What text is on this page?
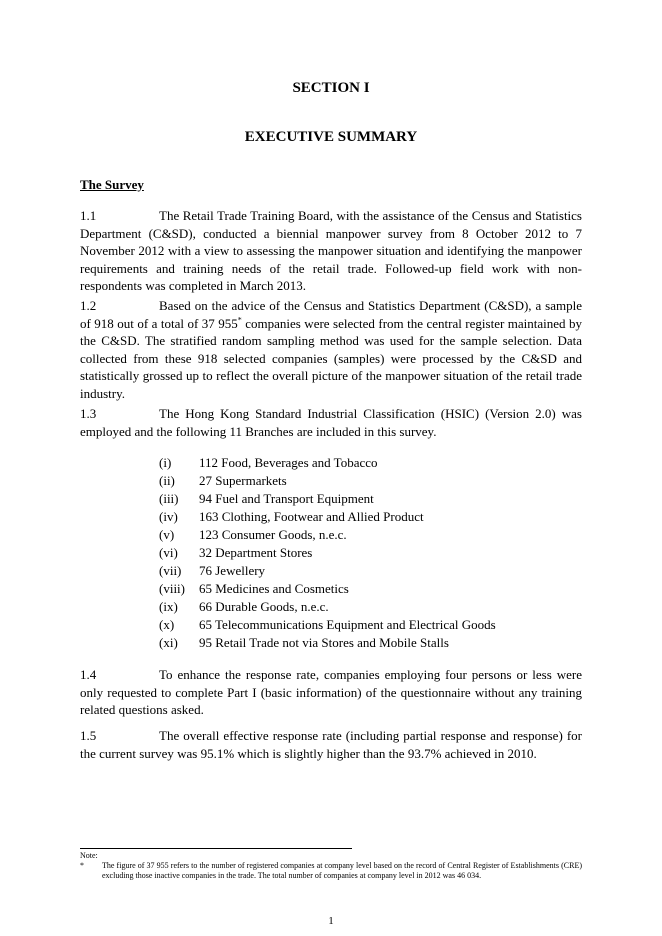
SECTION I
EXECUTIVE SUMMARY
The Survey

1.1	The Retail Trade Training Board, with the assistance of the Census and Statistics Department (C&SD), conducted a biennial manpower survey from 8 October 2012 to 7 November 2012 with a view to assessing the manpower situation and identifying the manpower requirements and training needs of the retail trade. Followed-up field work with non-respondents was completed in March 2013.

1.2	Based on the advice of the Census and Statistics Department (C&SD), a sample of 918 out of a total of 37 955* companies were selected from the central register maintained by the C&SD. The stratified random sampling method was used for the sample selection. Data collected from these 918 selected companies (samples) were processed by the C&SD and statistically grossed up to reflect the overall picture of the manpower situation of the retail trade industry.

1.3	The Hong Kong Standard Industrial Classification (HSIC) (Version 2.0) was employed and the following 11 Branches are included in this survey.

(i) 112 Food, Beverages and Tobacco
(ii) 27 Supermarkets
(iii) 94 Fuel and Transport Equipment
(iv) 163 Clothing, Footwear and Allied Product
(v) 123 Consumer Goods, n.e.c.
(vi) 32 Department Stores
(vii) 76 Jewellery
(viii) 65 Medicines and Cosmetics
(ix) 66 Durable Goods, n.e.c.
(x) 65 Telecommunications Equipment and Electrical Goods
(xi) 95 Retail Trade not via Stores and Mobile Stalls

1.4	To enhance the response rate, companies employing four persons or less were only requested to complete Part I (basic information) of the questionnaire without any training related questions asked.

1.5	The overall effective response rate (including partial response and response) for the current survey was 95.1% which is slightly higher than the 93.7% achieved in 2010.

Note:

* The figure of 37 955 refers to the number of registered companies at company level based on the record of Central Register of Establishments (CRE) excluding those inactive companies in the trade. The total number of companies at company level in 2012 was 46 034.

1
